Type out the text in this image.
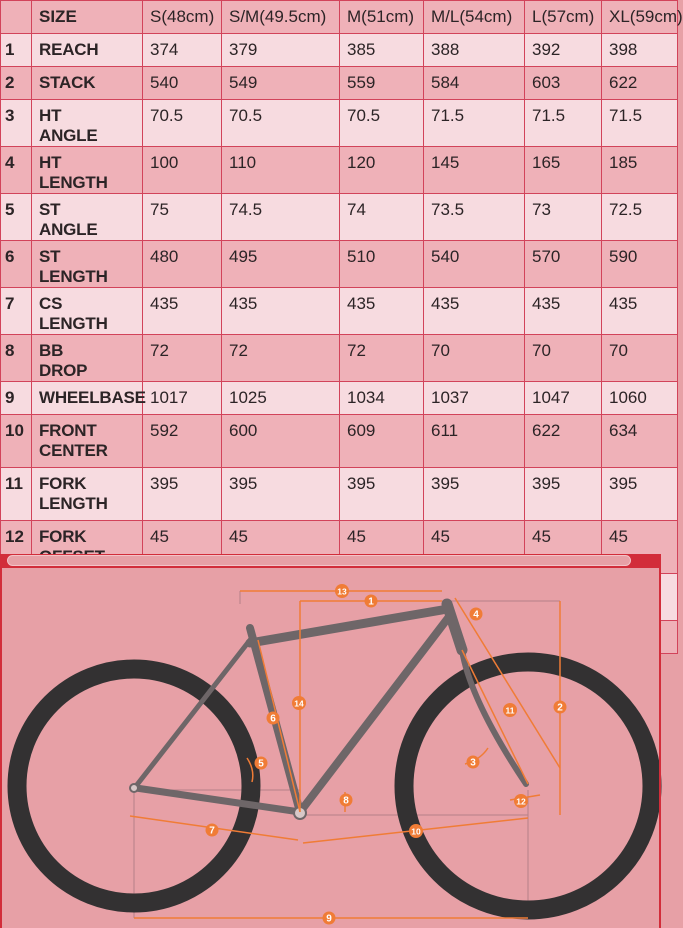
	SIZE	S(48cm)	S/M(49.5cm)	M(51cm)	M/L(54cm)	L(57cm)	XL(59cm)
1	REACH	374	379	385	388	392	398
2	STACK	540	549	559	584	603	622
3	HT ANGLE	70.5	70.5	70.5	71.5	71.5	71.5
4	HT LENGTH	100	110	120	145	165	185
5	ST ANGLE	75	74.5	74	73.5	73	72.5
6	ST LENGTH	480	495	510	540	570	590
7	CS LENGTH	435	435	435	435	435	435
8	BB DROP	72	72	72	70	70	70
9	WHEELBASE	1017	1025	1034	1037	1047	1060
10	FRONT CENTER	592	600	609	611	622	634
11	FORK LENGTH	395	395	395	395	395	395
12	FORK	45	45	45	45	45	45

1
2
3
4
5
6
7
8
9
10
11
12
13
14
